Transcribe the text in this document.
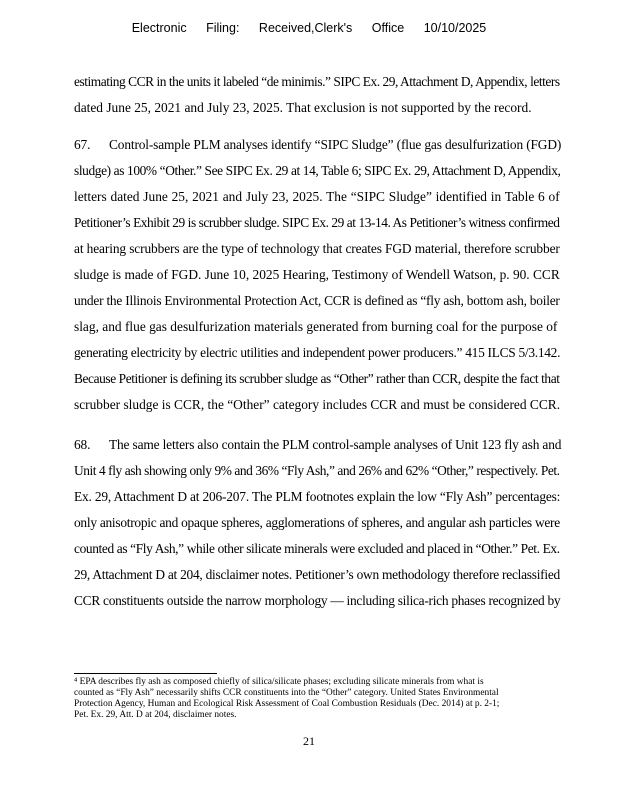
Electronic Filing: Received,Clerk's Office 10/10/2025
estimating CCR in the units it labeled “de minimis.” SIPC Ex. 29, Attachment D, Appendix, letters
dated June 25, 2021 and July 23, 2025. That exclusion is not supported by the record.
67. Control-sample PLM analyses identify “SIPC Sludge” (flue gas desulfurization (FGD)
sludge) as 100% “Other.” See SIPC Ex. 29 at 14, Table 6; SIPC Ex. 29, Attachment D, Appendix,
letters dated June 25, 2021 and July 23, 2025. The “SIPC Sludge” identified in Table 6 of
Petitioner’s Exhibit 29 is scrubber sludge. SIPC Ex. 29 at 13-14. As Petitioner’s witness confirmed
at hearing scrubbers are the type of technology that creates FGD material, therefore scrubber
sludge is made of FGD. June 10, 2025 Hearing, Testimony of Wendell Watson, p. 90. CCR
under the Illinois Environmental Protection Act, CCR is defined as “fly ash, bottom ash, boiler
slag, and flue gas desulfurization materials generated from burning coal for the purpose of
generating electricity by electric utilities and independent power producers.” 415 ILCS 5/3.142.
Because Petitioner is defining its scrubber sludge as “Other” rather than CCR, despite the fact that
scrubber sludge is CCR, the “Other” category includes CCR and must be considered CCR.
68. The same letters also contain the PLM control-sample analyses of Unit 123 fly ash and
Unit 4 fly ash showing only 9% and 36% “Fly Ash,” and 26% and 62% “Other,” respectively. Pet.
Ex. 29, Attachment D at 206-207. The PLM footnotes explain the low “Fly Ash” percentages:
only anisotropic and opaque spheres, agglomerations of spheres, and angular ash particles were
counted as “Fly Ash,” while other silicate minerals were excluded and placed in “Other.” Pet. Ex.
29, Attachment D at 204, disclaimer notes. Petitioner’s own methodology therefore reclassified
CCR constituents outside the narrow morphology — including silica-rich phases recognized by
⁴ EPA describes fly ash as composed chiefly of silica/silicate phases; excluding silicate minerals from what is
counted as “Fly Ash” necessarily shifts CCR constituents into the “Other” category. United States Environmental
Protection Agency, Human and Ecological Risk Assessment of Coal Combustion Residuals (Dec. 2014) at p. 2-1;
Pet. Ex. 29, Att. D at 204, disclaimer notes.
21
